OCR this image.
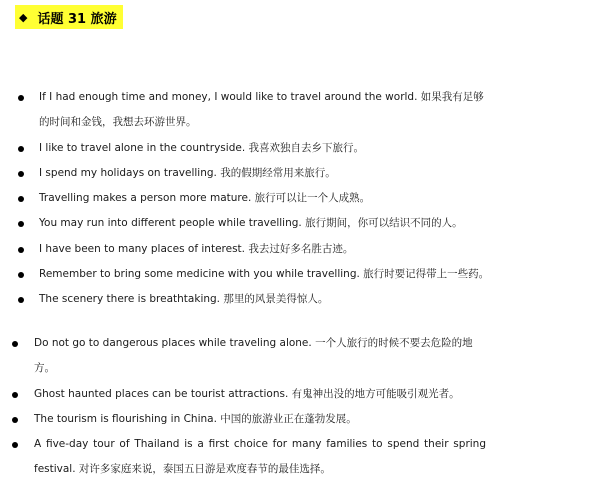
◆ 话题 31 旅游
If I had enough time and money, I would like to travel around the world. 如果我有足够的时间和金钱，我想去环游世界。
I like to travel alone in the countryside. 我喜欢独自去乡下旅行。
I spend my holidays on travelling. 我的假期经常用来旅行。
Travelling makes a person more mature. 旅行可以让一个人成熟。
You may run into different people while travelling. 旅行期间，你可以结识不同的人。
I have been to many places of interest. 我去过好多名胜古迹。
Remember to bring some medicine with you while travelling. 旅行时要记得带上一些药。
The scenery there is breathtaking. 那里的风景美得惊人。
Do not go to dangerous places while traveling alone. 一个人旅行的时候不要去危险的地方。
Ghost haunted places can be tourist attractions. 有鬼神出没的地方可能吸引观光者。
The tourism is flourishing in China. 中国的旅游业正在蓬勃发展。
A five-day tour of Thailand is a first choice for many families to spend their spring festival. 对许多家庭来说，泰国五日游是欢度春节的最佳选择。
